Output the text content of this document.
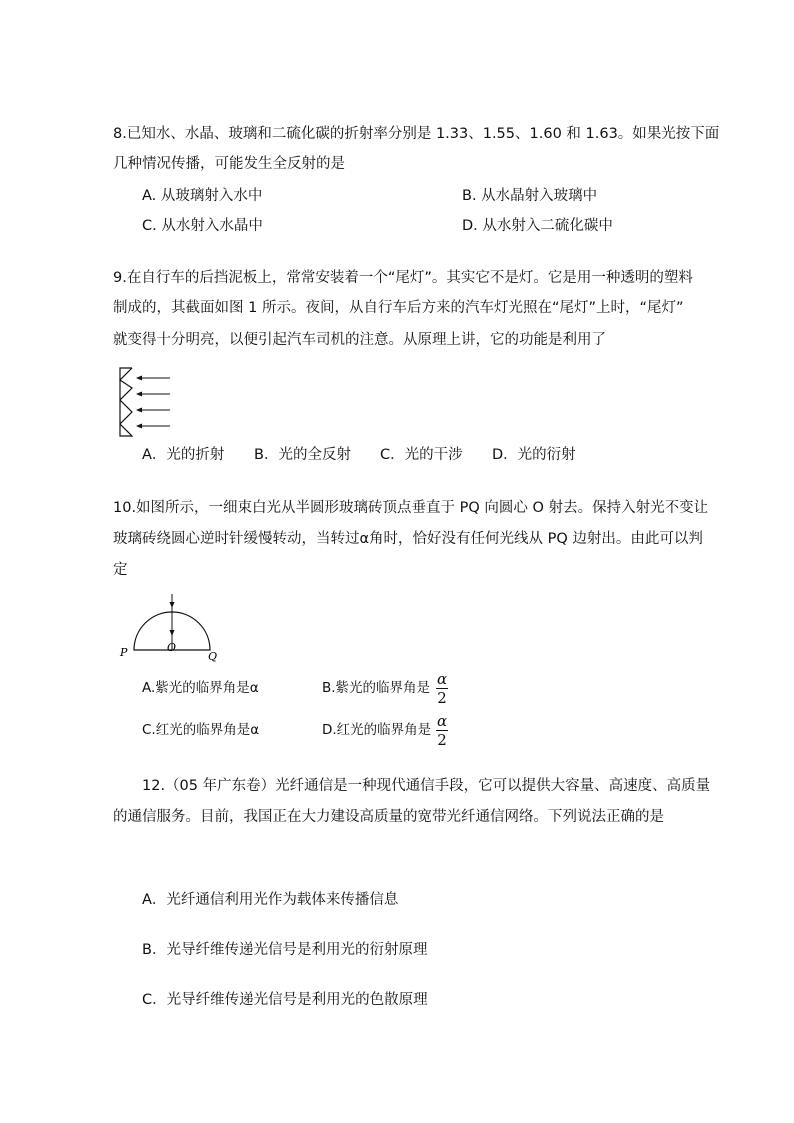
8.已知水、水晶、玻璃和二硫化碳的折射率分别是 1.33、1.55、1.60 和 1.63。如果光按下面
几种情况传播，可能发生全反射的是
A. 从玻璃射入水中	B. 从水晶射入玻璃中
C. 从水射入水晶中	D. 从水射入二硫化碳中
9.在自行车的后挡泥板上，常常安装着一个“尾灯”。其实它不是灯。它是用一种透明的塑料
制成的，其截面如图 1 所示。夜间，从自行车后方来的汽车灯光照在“尾灯”上时，“尾灯”
就变得十分明亮，以便引起汽车司机的注意。从原理上讲，它的功能是利用了
A．光的折射 B．光的全反射 C．光的干涉 D．光的衍射
10.如图所示，一细束白光从半圆形玻璃砖顶点垂直于 PQ 向圆心 O 射去。保持入射光不变让
玻璃砖绕圆心逆时针缓慢转动，当转过α角时，恰好没有任何光线从 PQ 边射出。由此可以判
定
P	O
Q
A.紫光的临界角是α	B.紫光的临界角是 $\frac{\alpha}{2}$
C.红光的临界角是α	D.红光的临界角是 $\frac{\alpha}{2}$
12.（05 年广东卷）光纤通信是一种现代通信手段，它可以提供大容量、高速度、高质量
的通信服务。目前，我国正在大力建设高质量的宽带光纤通信网络。下列说法正确的是
A．光纤通信利用光作为载体来传播信息
B．光导纤维传递光信号是利用光的衍射原理
C．光导纤维传递光信号是利用光的色散原理
